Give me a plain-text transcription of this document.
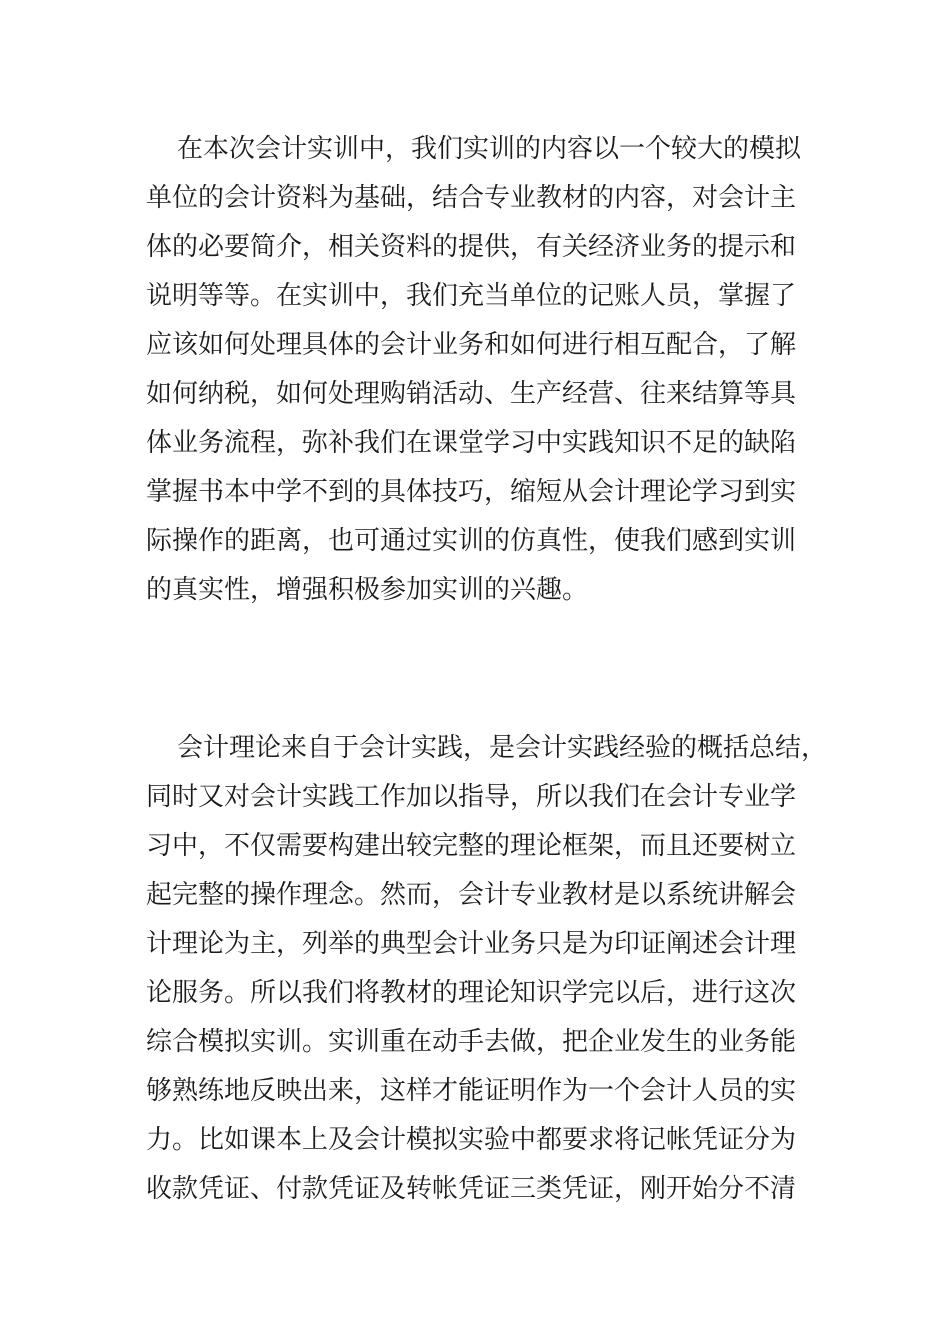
在本次会计实训中，我们实训的内容以一个较大的模拟
单位的会计资料为基础，结合专业教材的内容，对会计主
体的必要简介，相关资料的提供，有关经济业务的提示和
说明等等。在实训中，我们充当单位的记账人员，掌握了
应该如何处理具体的会计业务和如何进行相互配合，了解
如何纳税，如何处理购销活动、生产经营、往来结算等具
体业务流程，弥补我们在课堂学习中实践知识不足的缺陷
掌握书本中学不到的具体技巧，缩短从会计理论学习到实
际操作的距离，也可通过实训的仿真性，使我们感到实训
的真实性，增强积极参加实训的兴趣。
会计理论来自于会计实践，是会计实践经验的概括总结，
同时又对会计实践工作加以指导，所以我们在会计专业学
习中，不仅需要构建出较完整的理论框架，而且还要树立
起完整的操作理念。然而，会计专业教材是以系统讲解会
计理论为主，列举的典型会计业务只是为印证阐述会计理
论服务。所以我们将教材的理论知识学完以后，进行这次
综合模拟实训。实训重在动手去做，把企业发生的业务能
够熟练地反映出来，这样才能证明作为一个会计人员的实
力。比如课本上及会计模拟实验中都要求将记帐凭证分为
收款凭证、付款凭证及转帐凭证三类凭证，刚开始分不清
